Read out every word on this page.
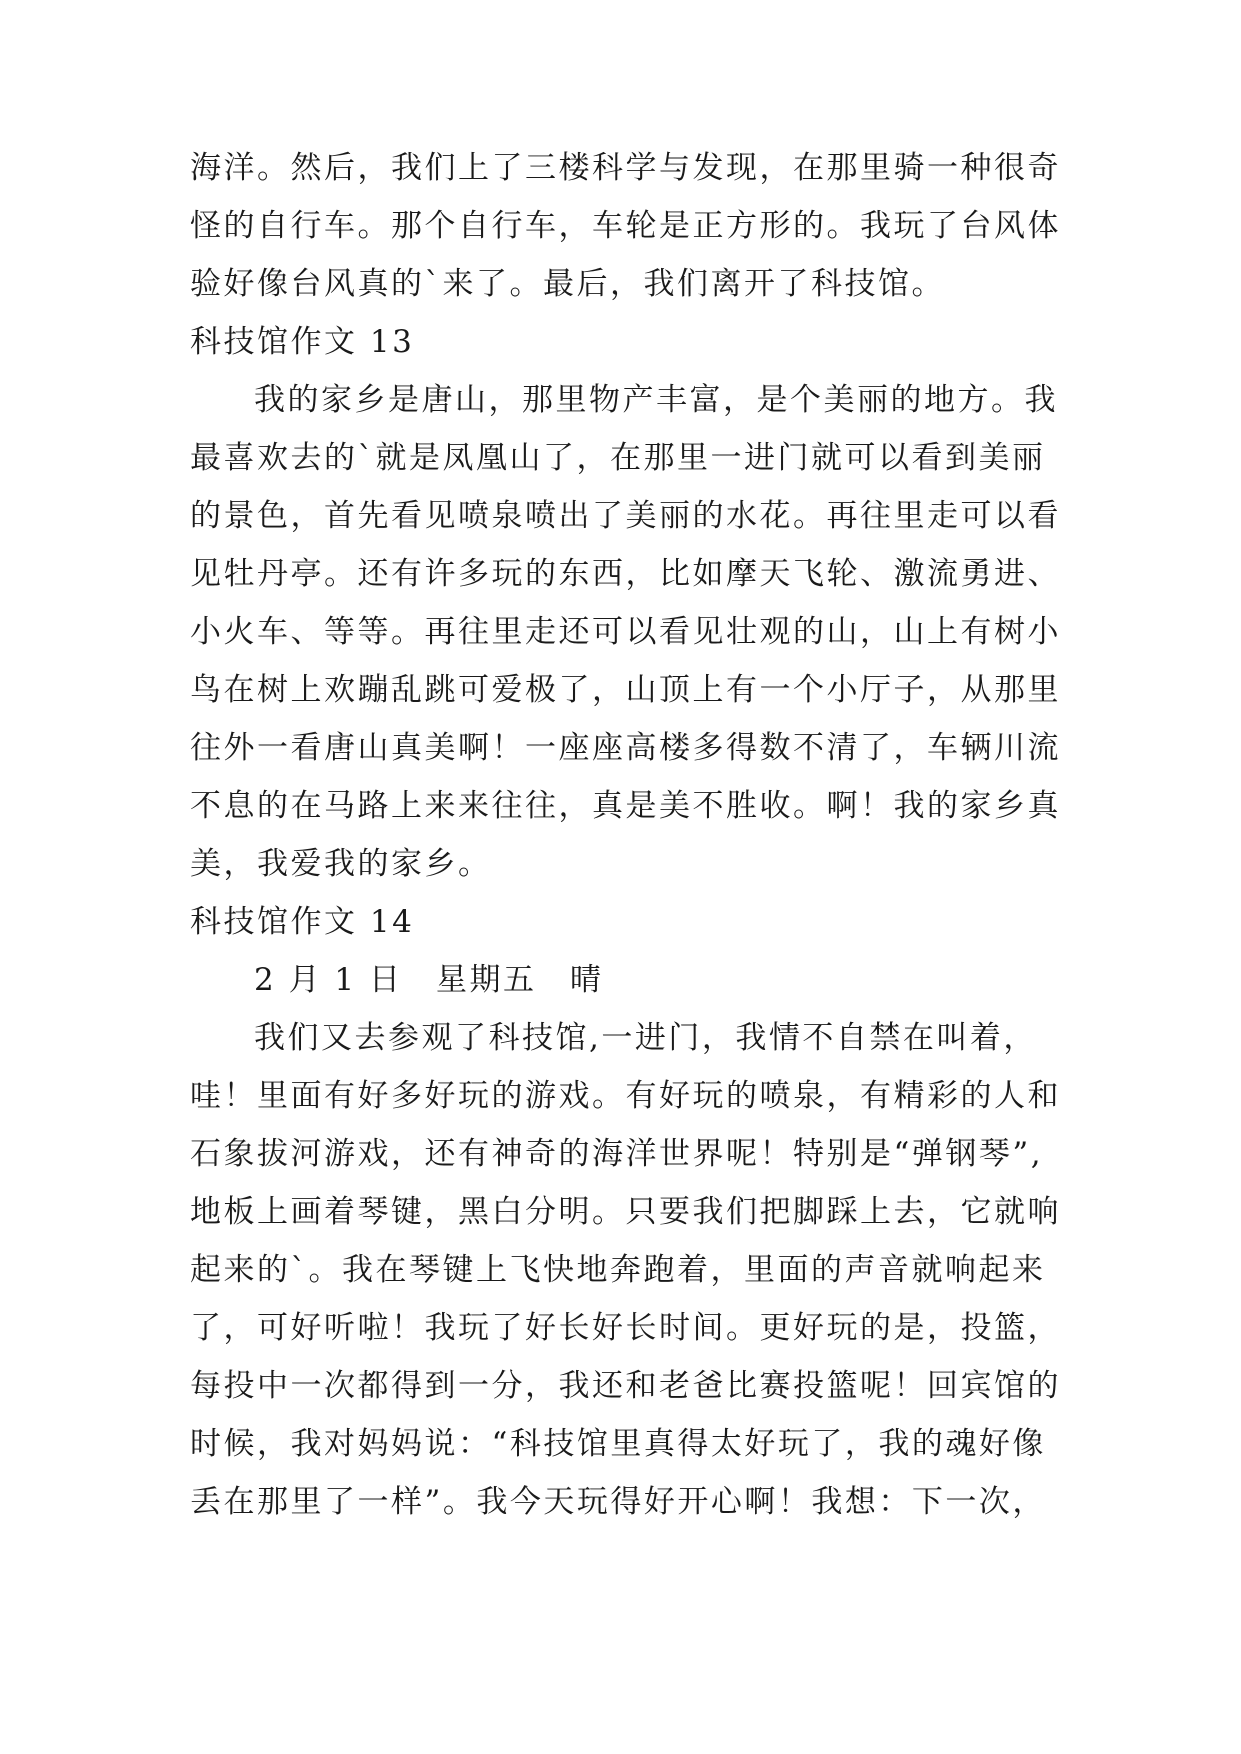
海洋。然后，我们上了三楼科学与发现，在那里骑一种很奇
怪的自行车。那个自行车，车轮是正方形的。我玩了台风体
验好像台风真的`来了。最后，我们离开了科技馆。
科技馆作文 13
我的家乡是唐山，那里物产丰富，是个美丽的地方。我
最喜欢去的`就是凤凰山了，在那里一进门就可以看到美丽
的景色，首先看见喷泉喷出了美丽的水花。再往里走可以看
见牡丹亭。还有许多玩的东西，比如摩天飞轮、激流勇进、
小火车、等等。再往里走还可以看见壮观的山，山上有树小
鸟在树上欢蹦乱跳可爱极了，山顶上有一个小厅子，从那里
往外一看唐山真美啊！一座座高楼多得数不清了，车辆川流
不息的在马路上来来往往，真是美不胜收。啊！我的家乡真
美，我爱我的家乡。
科技馆作文 14
2 月 1 日　星期五　晴
我们又去参观了科技馆,一进门，我情不自禁在叫着，
哇！里面有好多好玩的游戏。有好玩的喷泉，有精彩的人和
石象拔河游戏，还有神奇的海洋世界呢！特别是“弹钢琴”,
地板上画着琴键，黑白分明。只要我们把脚踩上去，它就响
起来的`。我在琴键上飞快地奔跑着，里面的声音就响起来
了，可好听啦！我玩了好长好长时间。更好玩的是，投篮，
每投中一次都得到一分，我还和老爸比赛投篮呢！回宾馆的
时候，我对妈妈说：“科技馆里真得太好玩了，我的魂好像
丢在那里了一样”。我今天玩得好开心啊！我想：下一次，
